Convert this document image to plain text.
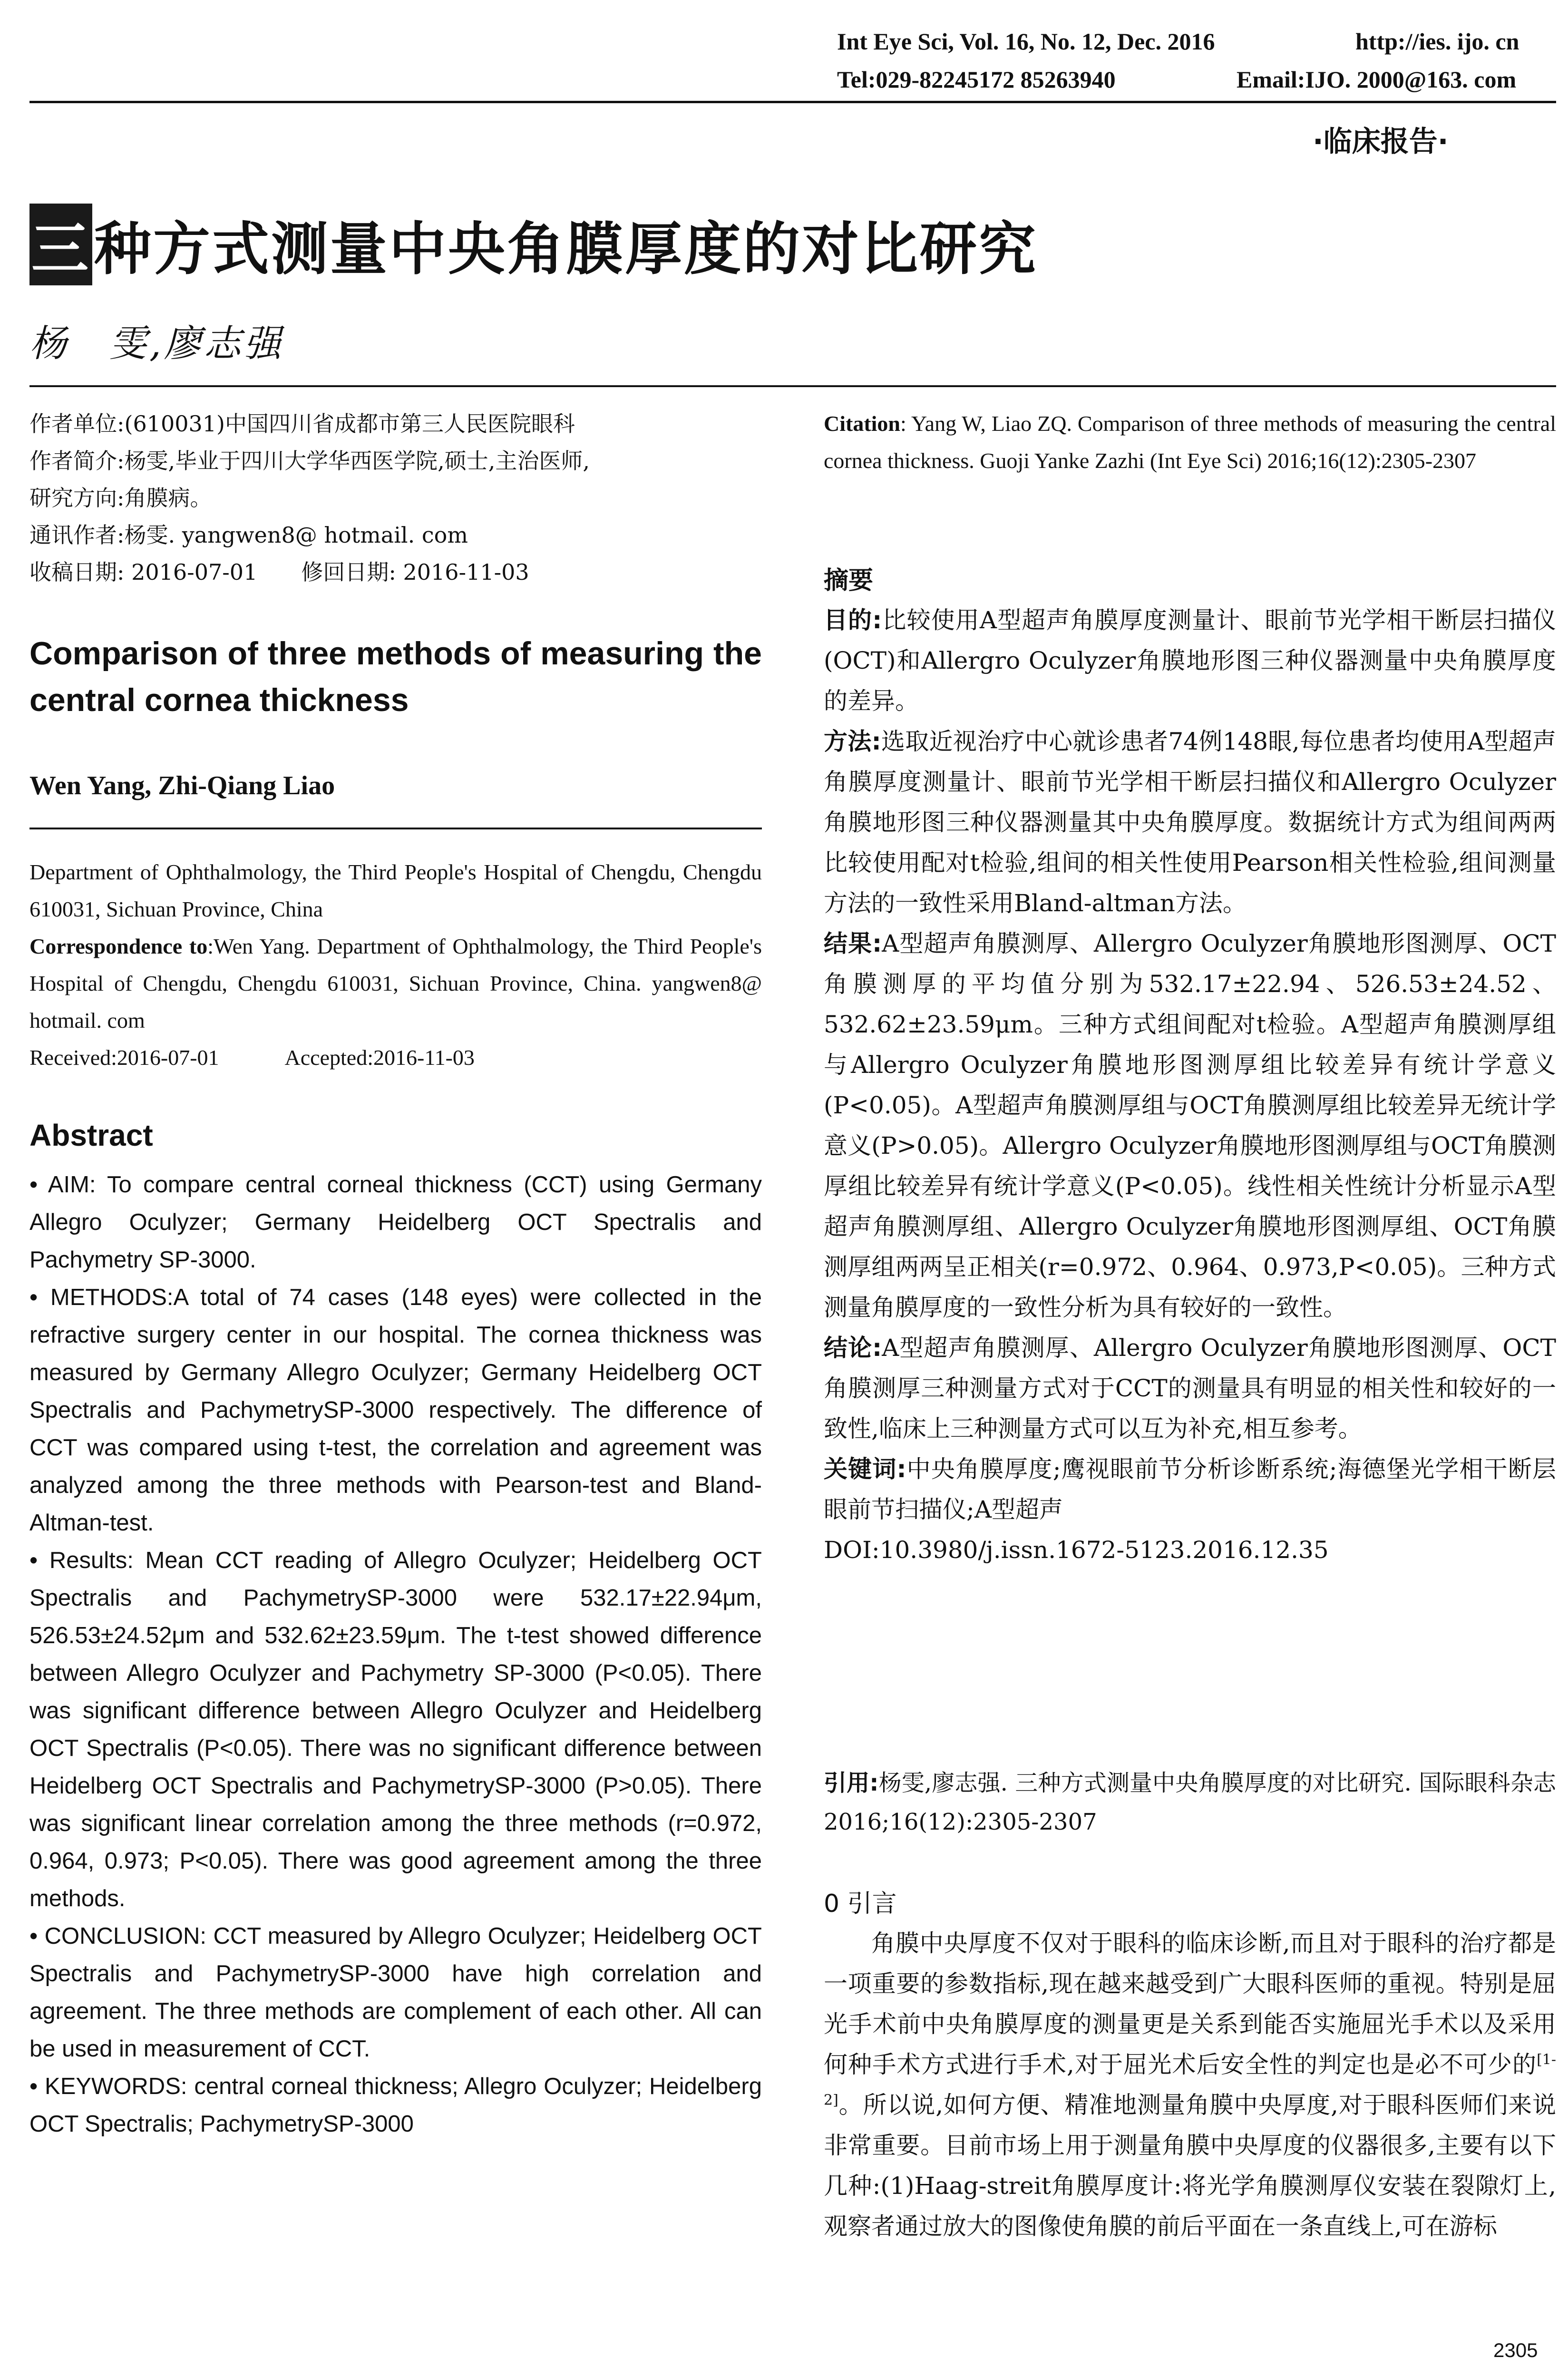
Int Eye Sci, Vol. 16, No. 12, Dec. 2016	http://ies. ijo. cn
Tel:029-82245172 85263940	Email:IJO. 2000@163. com
·临床报告·
三种方式测量中央角膜厚度的对比研究
杨　雯,廖志强
作者单位:(610031)中国四川省成都市第三人民医院眼科
作者简介:杨雯,毕业于四川大学华西医学院,硕士,主治医师,
研究方向:角膜病。
通讯作者:杨雯. yangwen8@ hotmail. com
收稿日期: 2016-07-01　　修回日期: 2016-11-03
Comparison of three methods of measuring the central cornea thickness
Wen Yang, Zhi-Qiang Liao
Department of Ophthalmology, the Third People's Hospital of Chengdu, Chengdu 610031, Sichuan Province, China
Correspondence to:Wen Yang. Department of Ophthalmology, the Third People's Hospital of Chengdu, Chengdu 610031, Sichuan Province, China. yangwen8@ hotmail. com
Received:2016-07-01　　　Accepted:2016-11-03
Abstract

• AIM: To compare central corneal thickness (CCT) using Germany Allegro Oculyzer; Germany Heidelberg OCT Spectralis and Pachymetry SP-3000.

• METHODS:A total of 74 cases (148 eyes) were collected in the refractive surgery center in our hospital. The cornea thickness was measured by Germany Allegro Oculyzer; Germany Heidelberg OCT Spectralis and PachymetrySP-3000 respectively. The difference of CCT was compared using t-test, the correlation and agreement was analyzed among the three methods with Pearson-test and Bland-Altman-test.

• Results: Mean CCT reading of Allegro Oculyzer; Heidelberg OCT Spectralis and PachymetrySP-3000 were 532.17±22.94μm, 526.53±24.52μm and 532.62±23.59μm. The t-test showed difference between Allegro Oculyzer and Pachymetry SP-3000 (P<0.05). There was significant difference between Allegro Oculyzer and Heidelberg OCT Spectralis (P<0.05). There was no significant difference between Heidelberg OCT Spectralis and PachymetrySP-3000 (P>0.05). There was significant linear correlation among the three methods (r=0.972, 0.964, 0.973; P<0.05). There was good agreement among the three methods.

• CONCLUSION: CCT measured by Allegro Oculyzer; Heidelberg OCT Spectralis and PachymetrySP-3000 have high correlation and agreement. The three methods are complement of each other. All can be used in measurement of CCT.

• KEYWORDS: central corneal thickness; Allegro Oculyzer; Heidelberg OCT Spectralis; PachymetrySP-3000

Citation: Yang W, Liao ZQ. Comparison of three methods of measuring the central cornea thickness. Guoji Yanke Zazhi (Int Eye Sci) 2016;16(12):2305-2307
摘要

目的:比较使用A型超声角膜厚度测量计、眼前节光学相干断层扫描仪(OCT)和Allergro Oculyzer角膜地形图三种仪器测量中央角膜厚度的差异。

方法:选取近视治疗中心就诊患者74例148眼,每位患者均使用A型超声角膜厚度测量计、眼前节光学相干断层扫描仪和Allergro Oculyzer角膜地形图三种仪器测量其中央角膜厚度。数据统计方式为组间两两比较使用配对t检验,组间的相关性使用Pearson相关性检验,组间测量方法的一致性采用Bland-altman方法。

结果:A型超声角膜测厚、Allergro Oculyzer角膜地形图测厚、OCT角膜测厚的平均值分别为532.17±22.94、526.53±24.52、532.62±23.59μm。三种方式组间配对t检验。A型超声角膜测厚组与Allergro Oculyzer角膜地形图测厚组比较差异有统计学意义(P<0.05)。A型超声角膜测厚组与OCT角膜测厚组比较差异无统计学意义(P>0.05)。Allergro Oculyzer角膜地形图测厚组与OCT角膜测厚组比较差异有统计学意义(P<0.05)。线性相关性统计分析显示A型超声角膜测厚组、Allergro Oculyzer角膜地形图测厚组、OCT角膜测厚组两两呈正相关(r=0.972、0.964、0.973,P<0.05)。三种方式测量角膜厚度的一致性分析为具有较好的一致性。

结论:A型超声角膜测厚、Allergro Oculyzer角膜地形图测厚、OCT角膜测厚三种测量方式对于CCT的测量具有明显的相关性和较好的一致性,临床上三种测量方式可以互为补充,相互参考。

关键词:中央角膜厚度;鹰视眼前节分析诊断系统;海德堡光学相干断层眼前节扫描仪;A型超声

DOI:10.3980/j.issn.1672-5123.2016.12.35

引用:杨雯,廖志强. 三种方式测量中央角膜厚度的对比研究. 国际眼科杂志 2016;16(12):2305-2307
0 引言
角膜中央厚度不仅对于眼科的临床诊断,而且对于眼科的治疗都是一项重要的参数指标,现在越来越受到广大眼科医师的重视。特别是屈光手术前中央角膜厚度的测量更是关系到能否实施屈光手术以及采用何种手术方式进行手术,对于屈光术后安全性的判定也是必不可少的[1-2]。所以说,如何方便、精准地测量角膜中央厚度,对于眼科医师们来说非常重要。目前市场上用于测量角膜中央厚度的仪器很多,主要有以下几种:(1)Haag-streit角膜厚度计:将光学角膜测厚仪安装在裂隙灯上,观察者通过放大的图像使角膜的前后平面在一条直线上,可在游标
2305
